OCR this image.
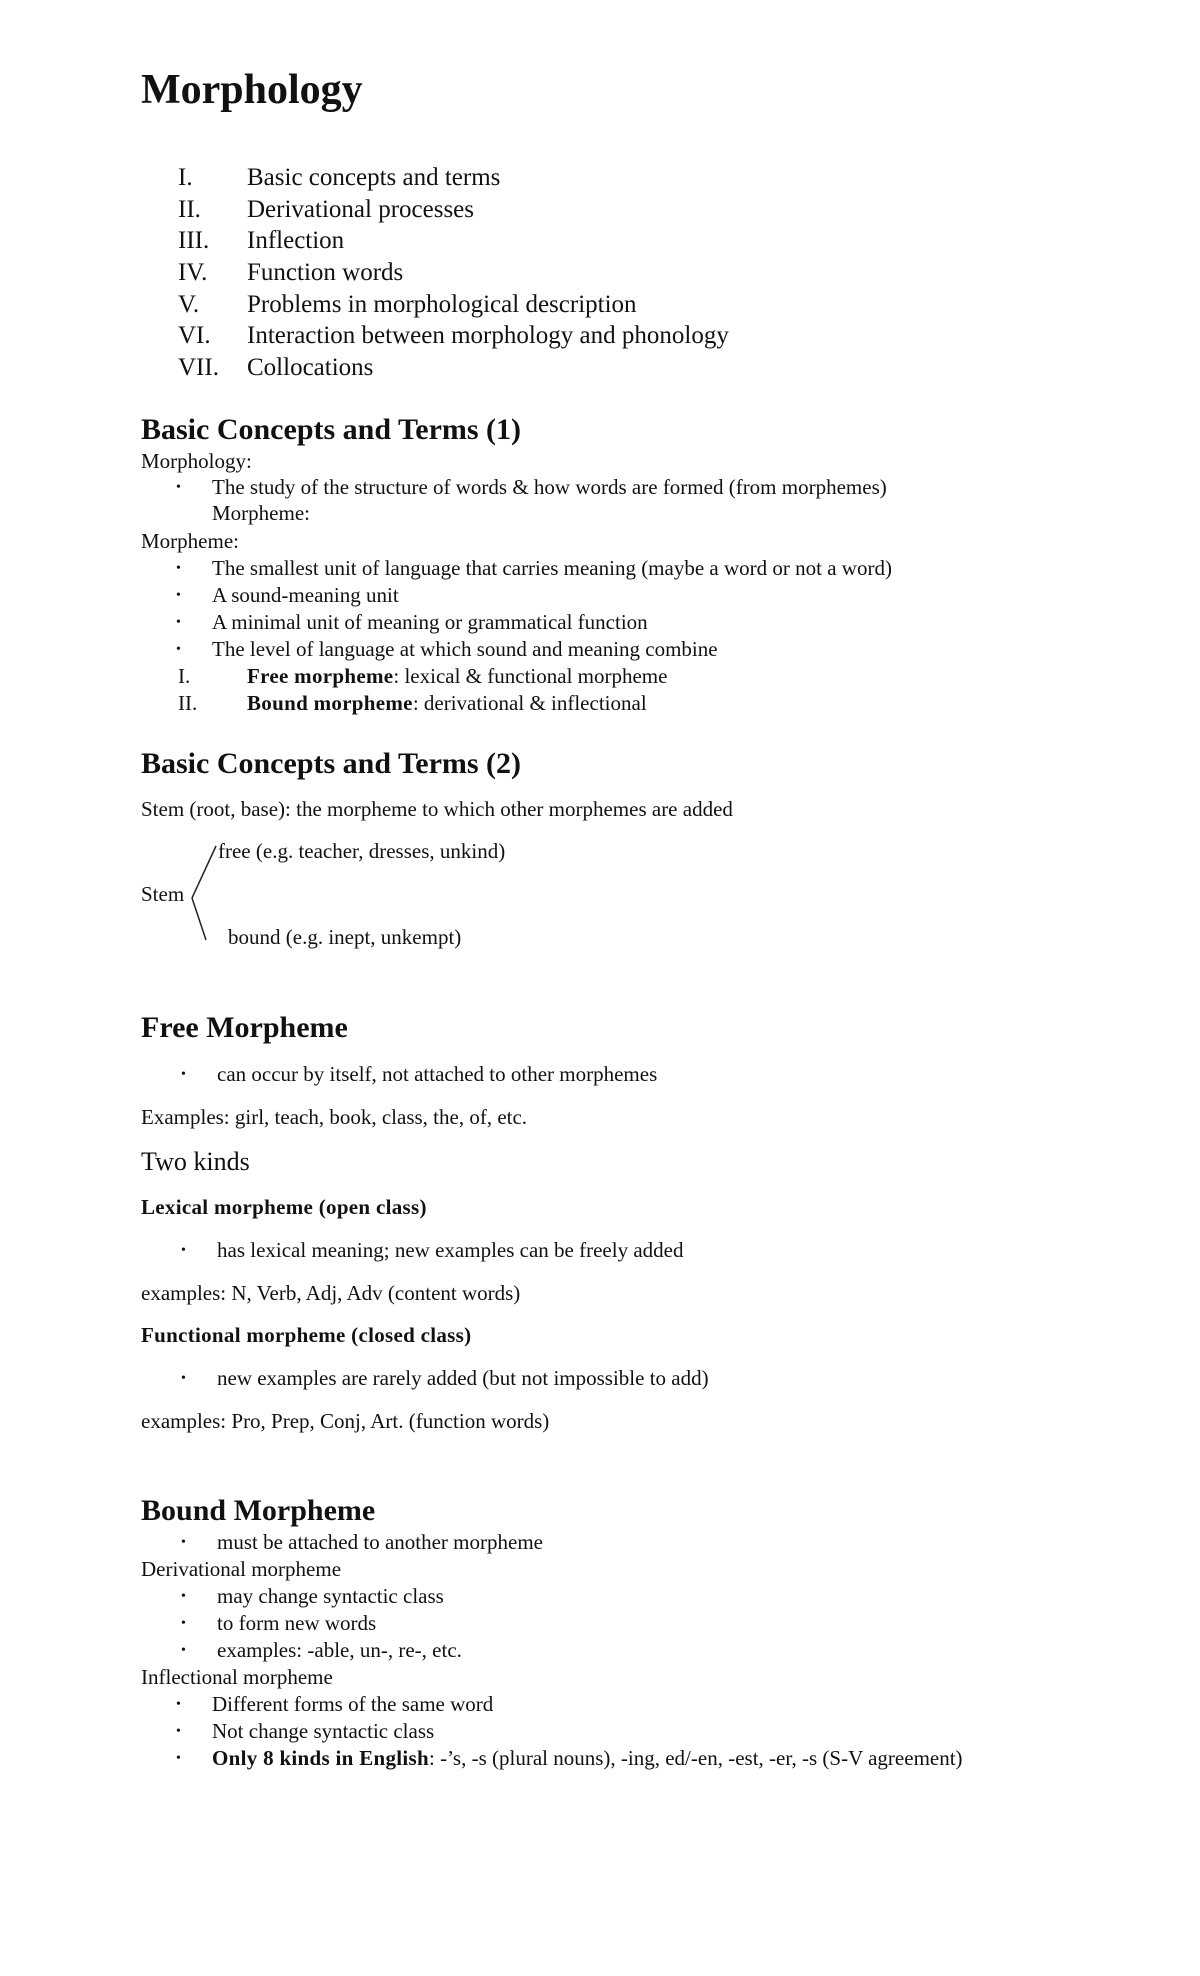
Morphology
I. Basic concepts and terms
II. Derivational processes
III. Inflection
IV. Function words
V. Problems in morphological description
VI. Interaction between morphology and phonology
VII. Collocations
Basic Concepts and Terms (1)
Morphology:
• The study of the structure of words & how words are formed (from morphemes)
Morpheme:
Morpheme:
• The smallest unit of language that carries meaning (maybe a word or not a word)
• A sound-meaning unit
• A minimal unit of meaning or grammatical function
• The level of language at which sound and meaning combine
I.	Free morpheme: lexical & functional morpheme
II. Bound morpheme: derivational & inflectional
Basic Concepts and Terms (2)
Stem (root, base): the morpheme to which other morphemes are added
free (e.g. teacher, dresses, unkind)
Stem
bound (e.g. inept, unkempt)
Free Morpheme
• can occur by itself, not attached to other morphemes
Examples: girl, teach, book, class, the, of, etc.
Two kinds
Lexical morpheme (open class)
• has lexical meaning; new examples can be freely added
examples: N, Verb, Adj, Adv (content words)
Functional morpheme (closed class)
• new examples are rarely added (but not impossible to add)
examples: Pro, Prep, Conj, Art. (function words)
Bound Morpheme
• must be attached to another morpheme
Derivational morpheme
• may change syntactic class
• to form new words
• examples: -able, un-, re-, etc.
Inflectional morpheme
• Different forms of the same word
• Not change syntactic class
• Only 8 kinds in English: -’s, -s (plural nouns), -ing, ed/-en, -est, -er, -s (S-V agreement)
